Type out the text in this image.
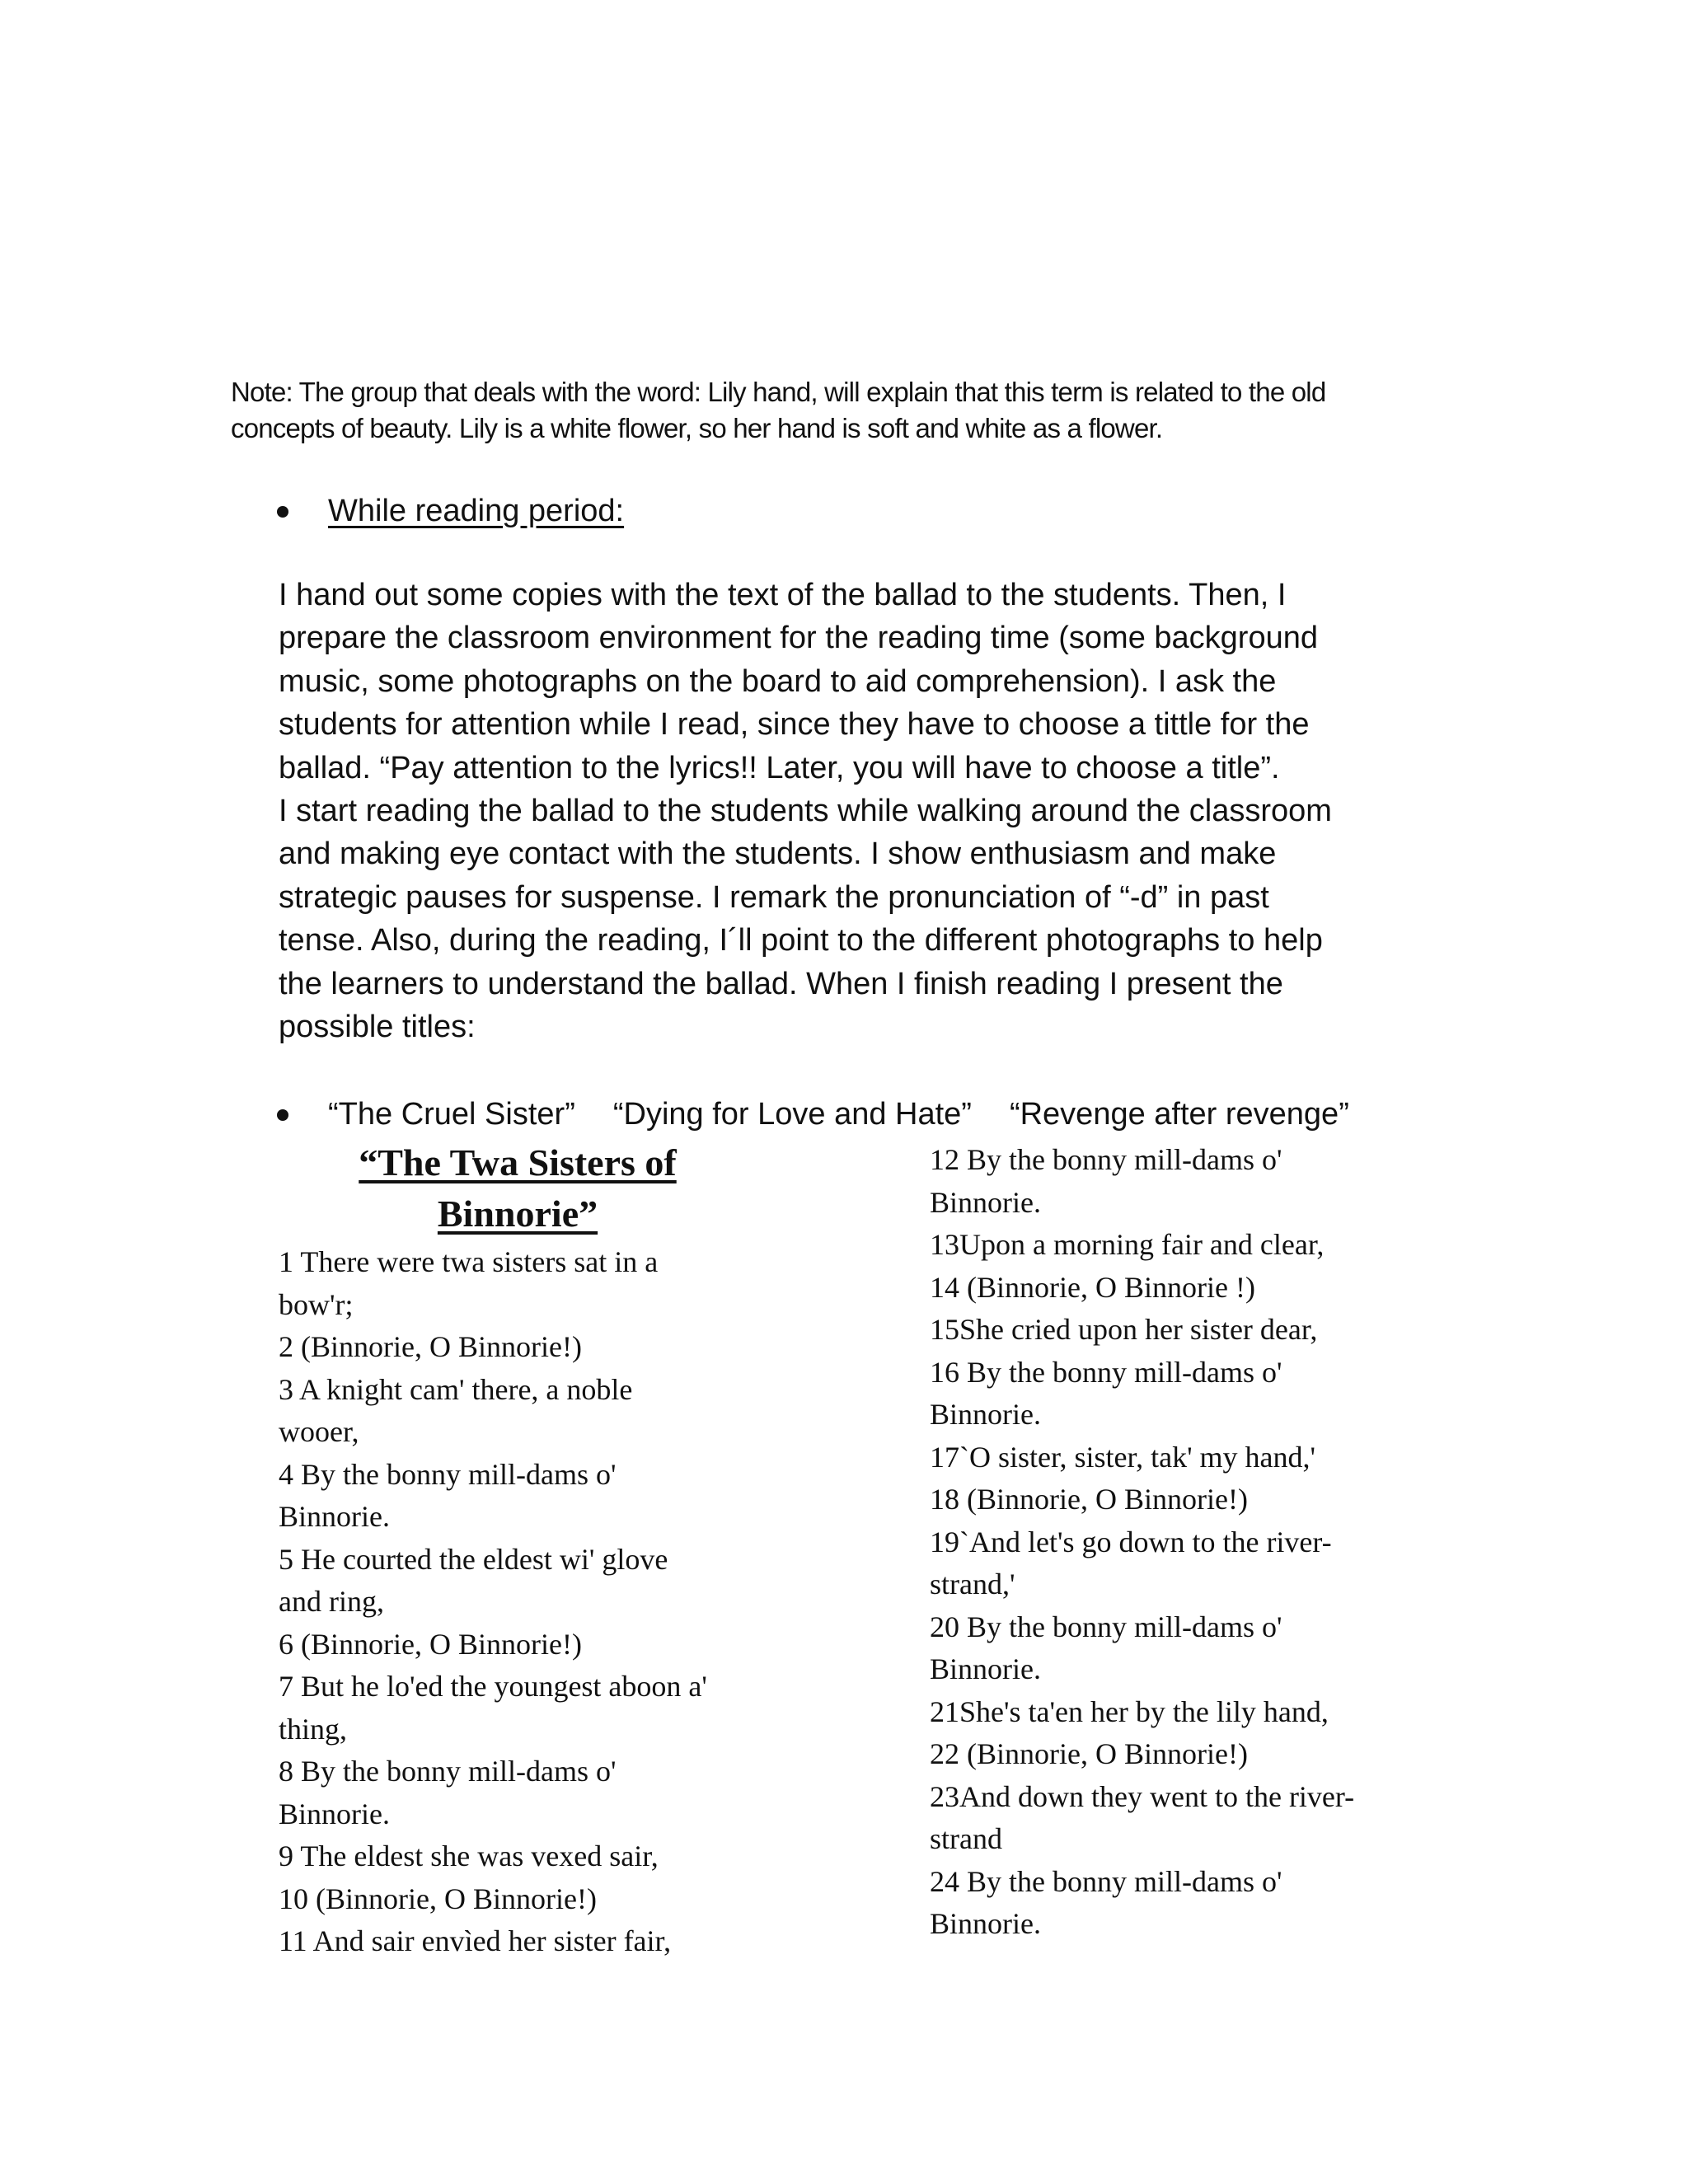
Note: The group that deals with the word: Lily hand, will explain that this term is related to the old

concepts of beauty. Lily is a white flower, so her hand is soft and white as a flower.

While reading period:

I hand out some copies with the text of the ballad to the students. Then, I

prepare the classroom environment for the reading time (some background

music, some photographs on the board to aid comprehension). I ask the

students for attention while I read, since they have to choose a tittle for the

ballad. “Pay attention to the lyrics!! Later, you will have to choose a title”.

I start reading the ballad to the students while walking around the classroom

and making eye contact with the students. I show enthusiasm and make

strategic pauses for suspense. I remark the pronunciation of “-d” in past

tense. Also, during the reading, I´ll point to the different photographs to help

the learners to understand the ballad. When I finish reading I present the

possible titles:

“The Cruel Sister” “Dying for Love and Hate” “Revenge after revenge”
“The Twa Sisters of
Binnorie”

1 There were twa sisters sat in a

bow'r;

2 (Binnorie, O Binnorie!)

3 A knight cam' there, a noble

wooer,

4 By the bonny mill-dams o'

Binnorie.

5 He courted the eldest wi' glove

and ring,

6 (Binnorie, O Binnorie!)

7 But he lo'ed the youngest aboon a'

thing,

8 By the bonny mill-dams o'

Binnorie.

9 The eldest she was vexed sair,

10 (Binnorie, O Binnorie!)

11 And sair envìed her sister fair,

12 By the bonny mill-dams o'

Binnorie.

13Upon a morning fair and clear,

14 (Binnorie, O Binnorie !)

15She cried upon her sister dear,

16 By the bonny mill-dams o'

Binnorie.

17`O sister, sister, tak' my hand,'

18 (Binnorie, O Binnorie!)

19`And let's go down to the river-

strand,'

20 By the bonny mill-dams o'

Binnorie.

21She's ta'en her by the lily hand,

22 (Binnorie, O Binnorie!)

23And down they went to the river-

strand

24 By the bonny mill-dams o'

Binnorie.
